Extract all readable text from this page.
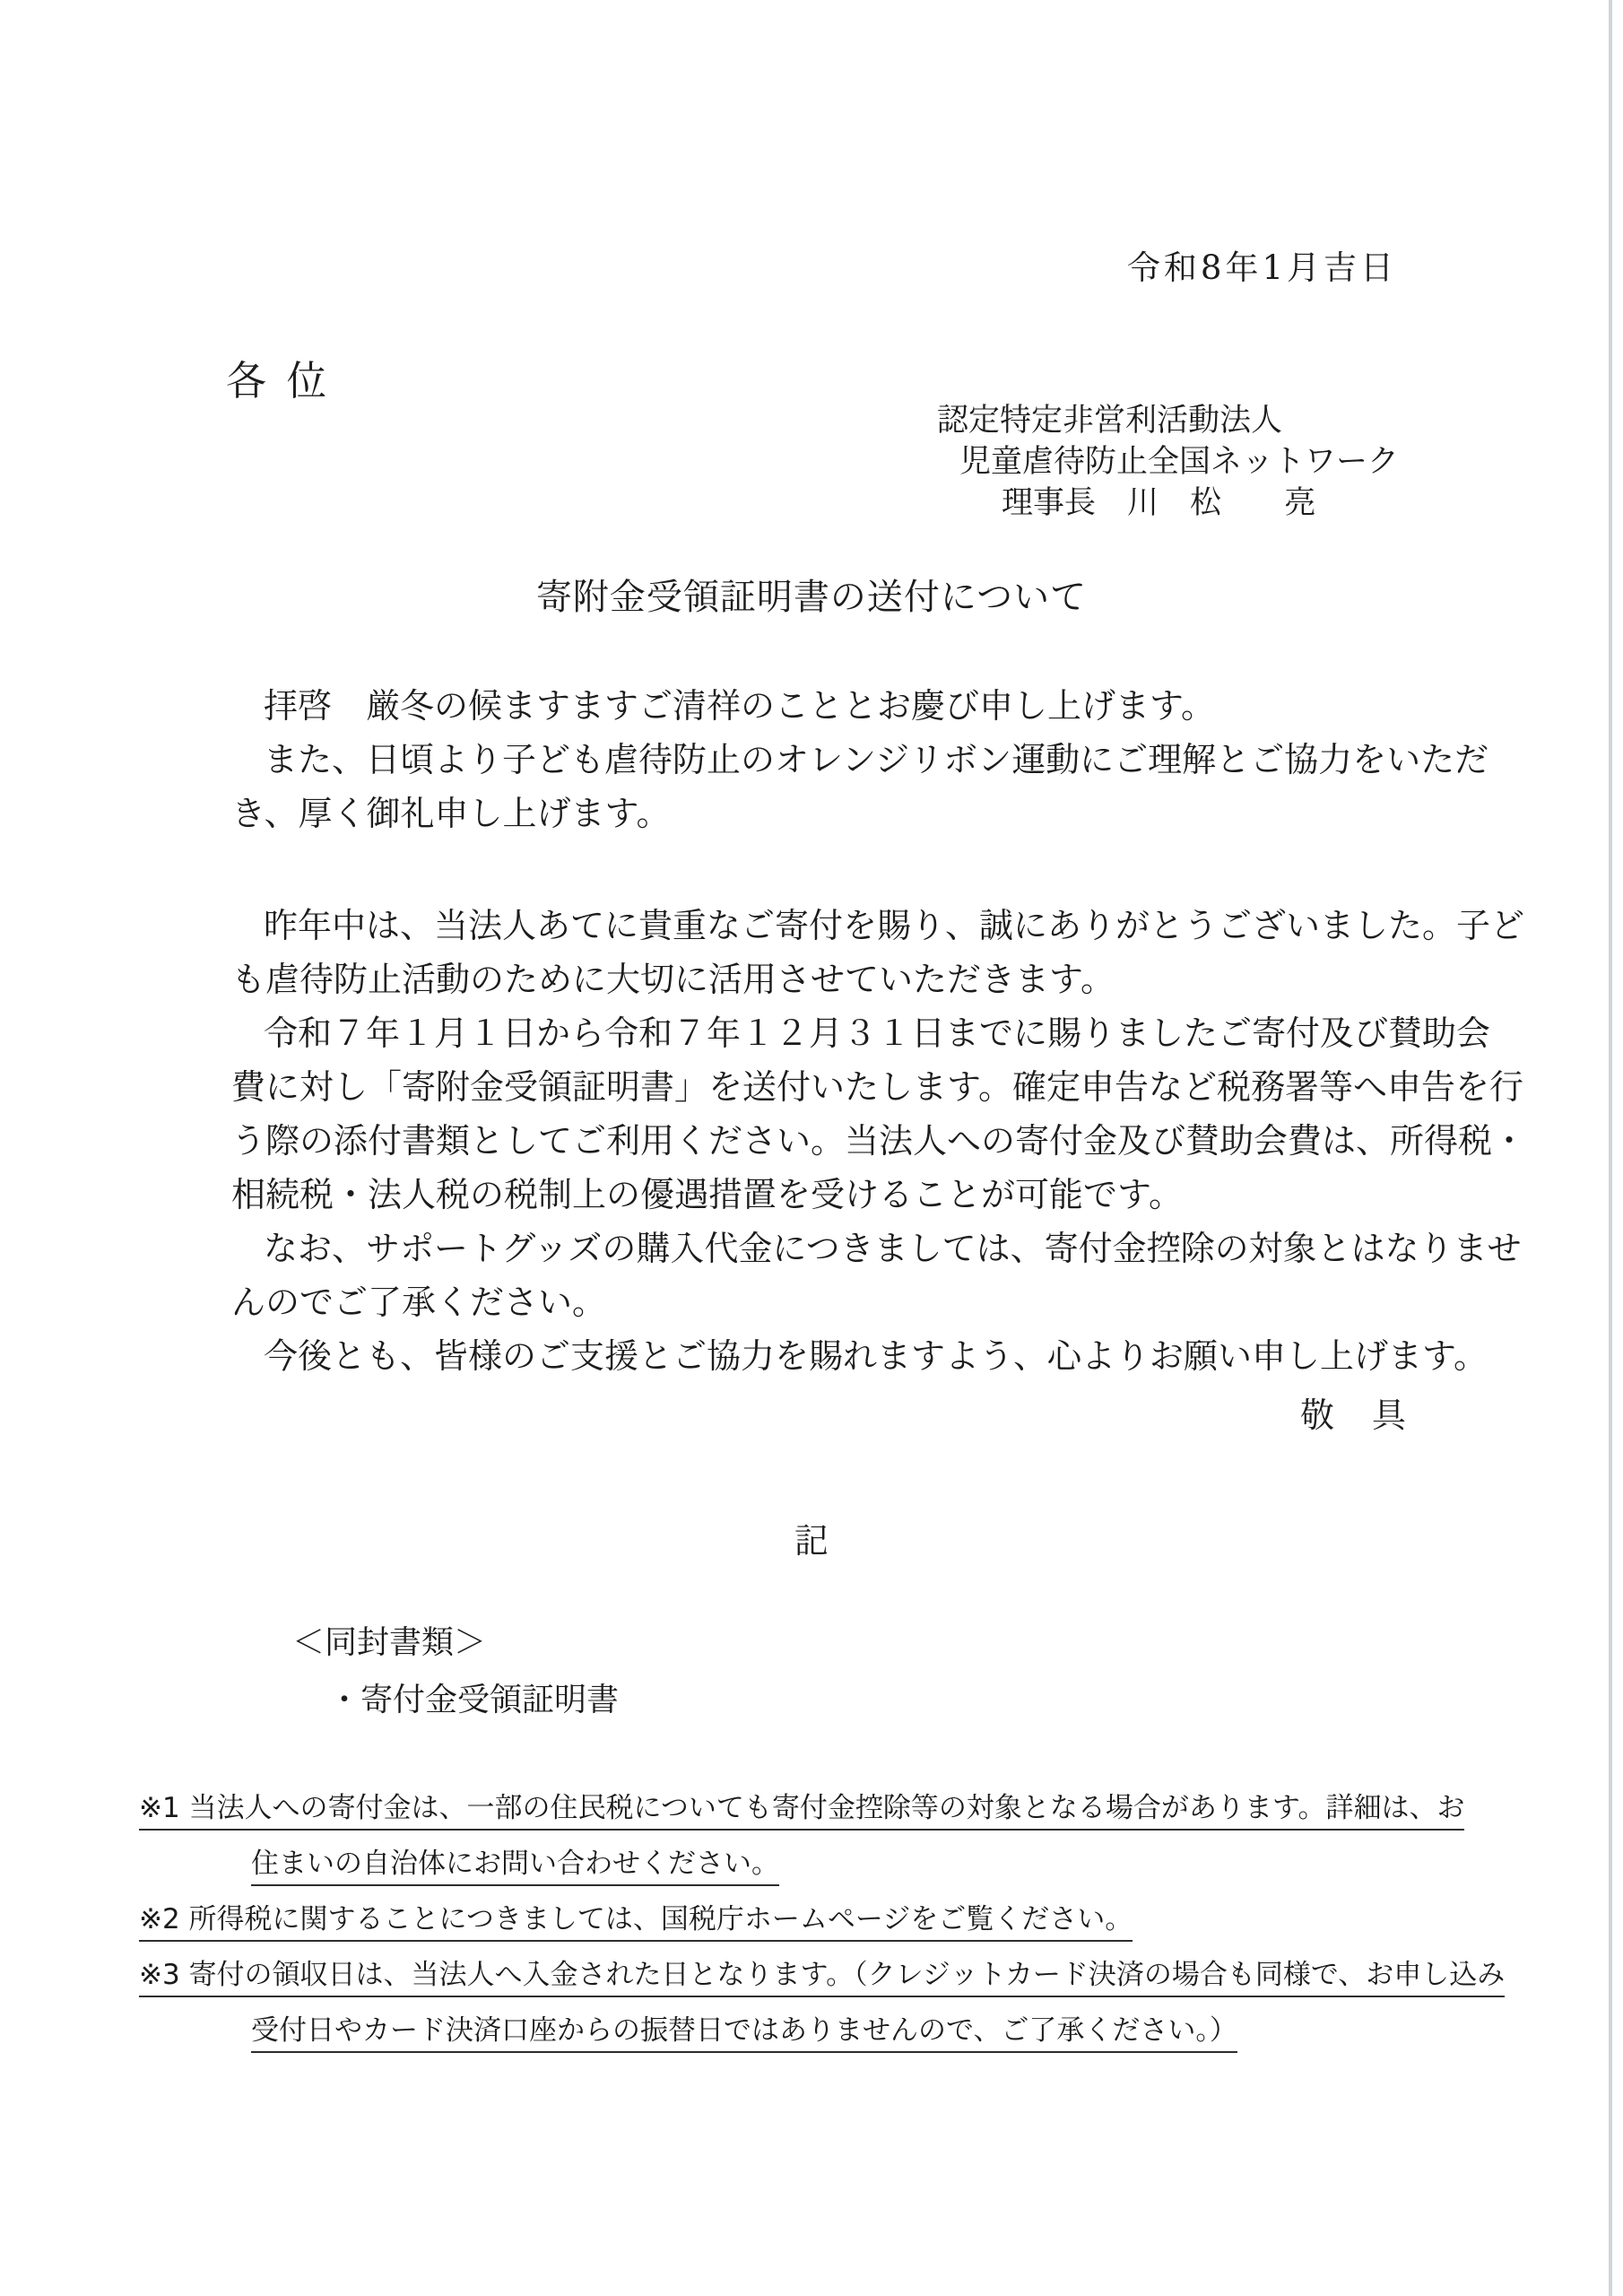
令和8年1月吉日
各 位
認定特定非営利活動法人
児童虐待防止全国ネットワーク
理事長　川　松　　亮
寄附金受領証明書の送付について
拝啓　厳冬の候ますますご清祥のこととお慶び申し上げます。
また、日頃より子ども虐待防止のオレンジリボン運動にご理解とご協力をいただ
き、厚く御礼申し上げます。
昨年中は、当法人あてに貴重なご寄付を賜り、誠にありがとうございました。子ど
も虐待防止活動のために大切に活用させていただきます。
令和７年１月１日から令和７年１２月３１日までに賜りましたご寄付及び賛助会
費に対し「寄附金受領証明書」を送付いたします。確定申告など税務署等へ申告を行
う際の添付書類としてご利用ください。当法人への寄付金及び賛助会費は、所得税・
相続税・法人税の税制上の優遇措置を受けることが可能です。
なお、サポートグッズの購入代金につきましては、寄付金控除の対象とはなりませ
んのでご了承ください。
今後とも、皆様のご支援とご協力を賜れますよう、心よりお願い申し上げます。
敬　具
記
＜同封書類＞
・寄付金受領証明書
※1 当法人への寄付金は、一部の住民税についても寄付金控除等の対象となる場合があります。詳細は、お
住まいの自治体にお問い合わせください。
※2 所得税に関することにつきましては、国税庁ホームページをご覧ください。
※3 寄付の領収日は、当法人へ入金された日となります。（クレジットカード決済の場合も同様で、お申し込み
受付日やカード決済口座からの振替日ではありませんので、ご了承ください。）
